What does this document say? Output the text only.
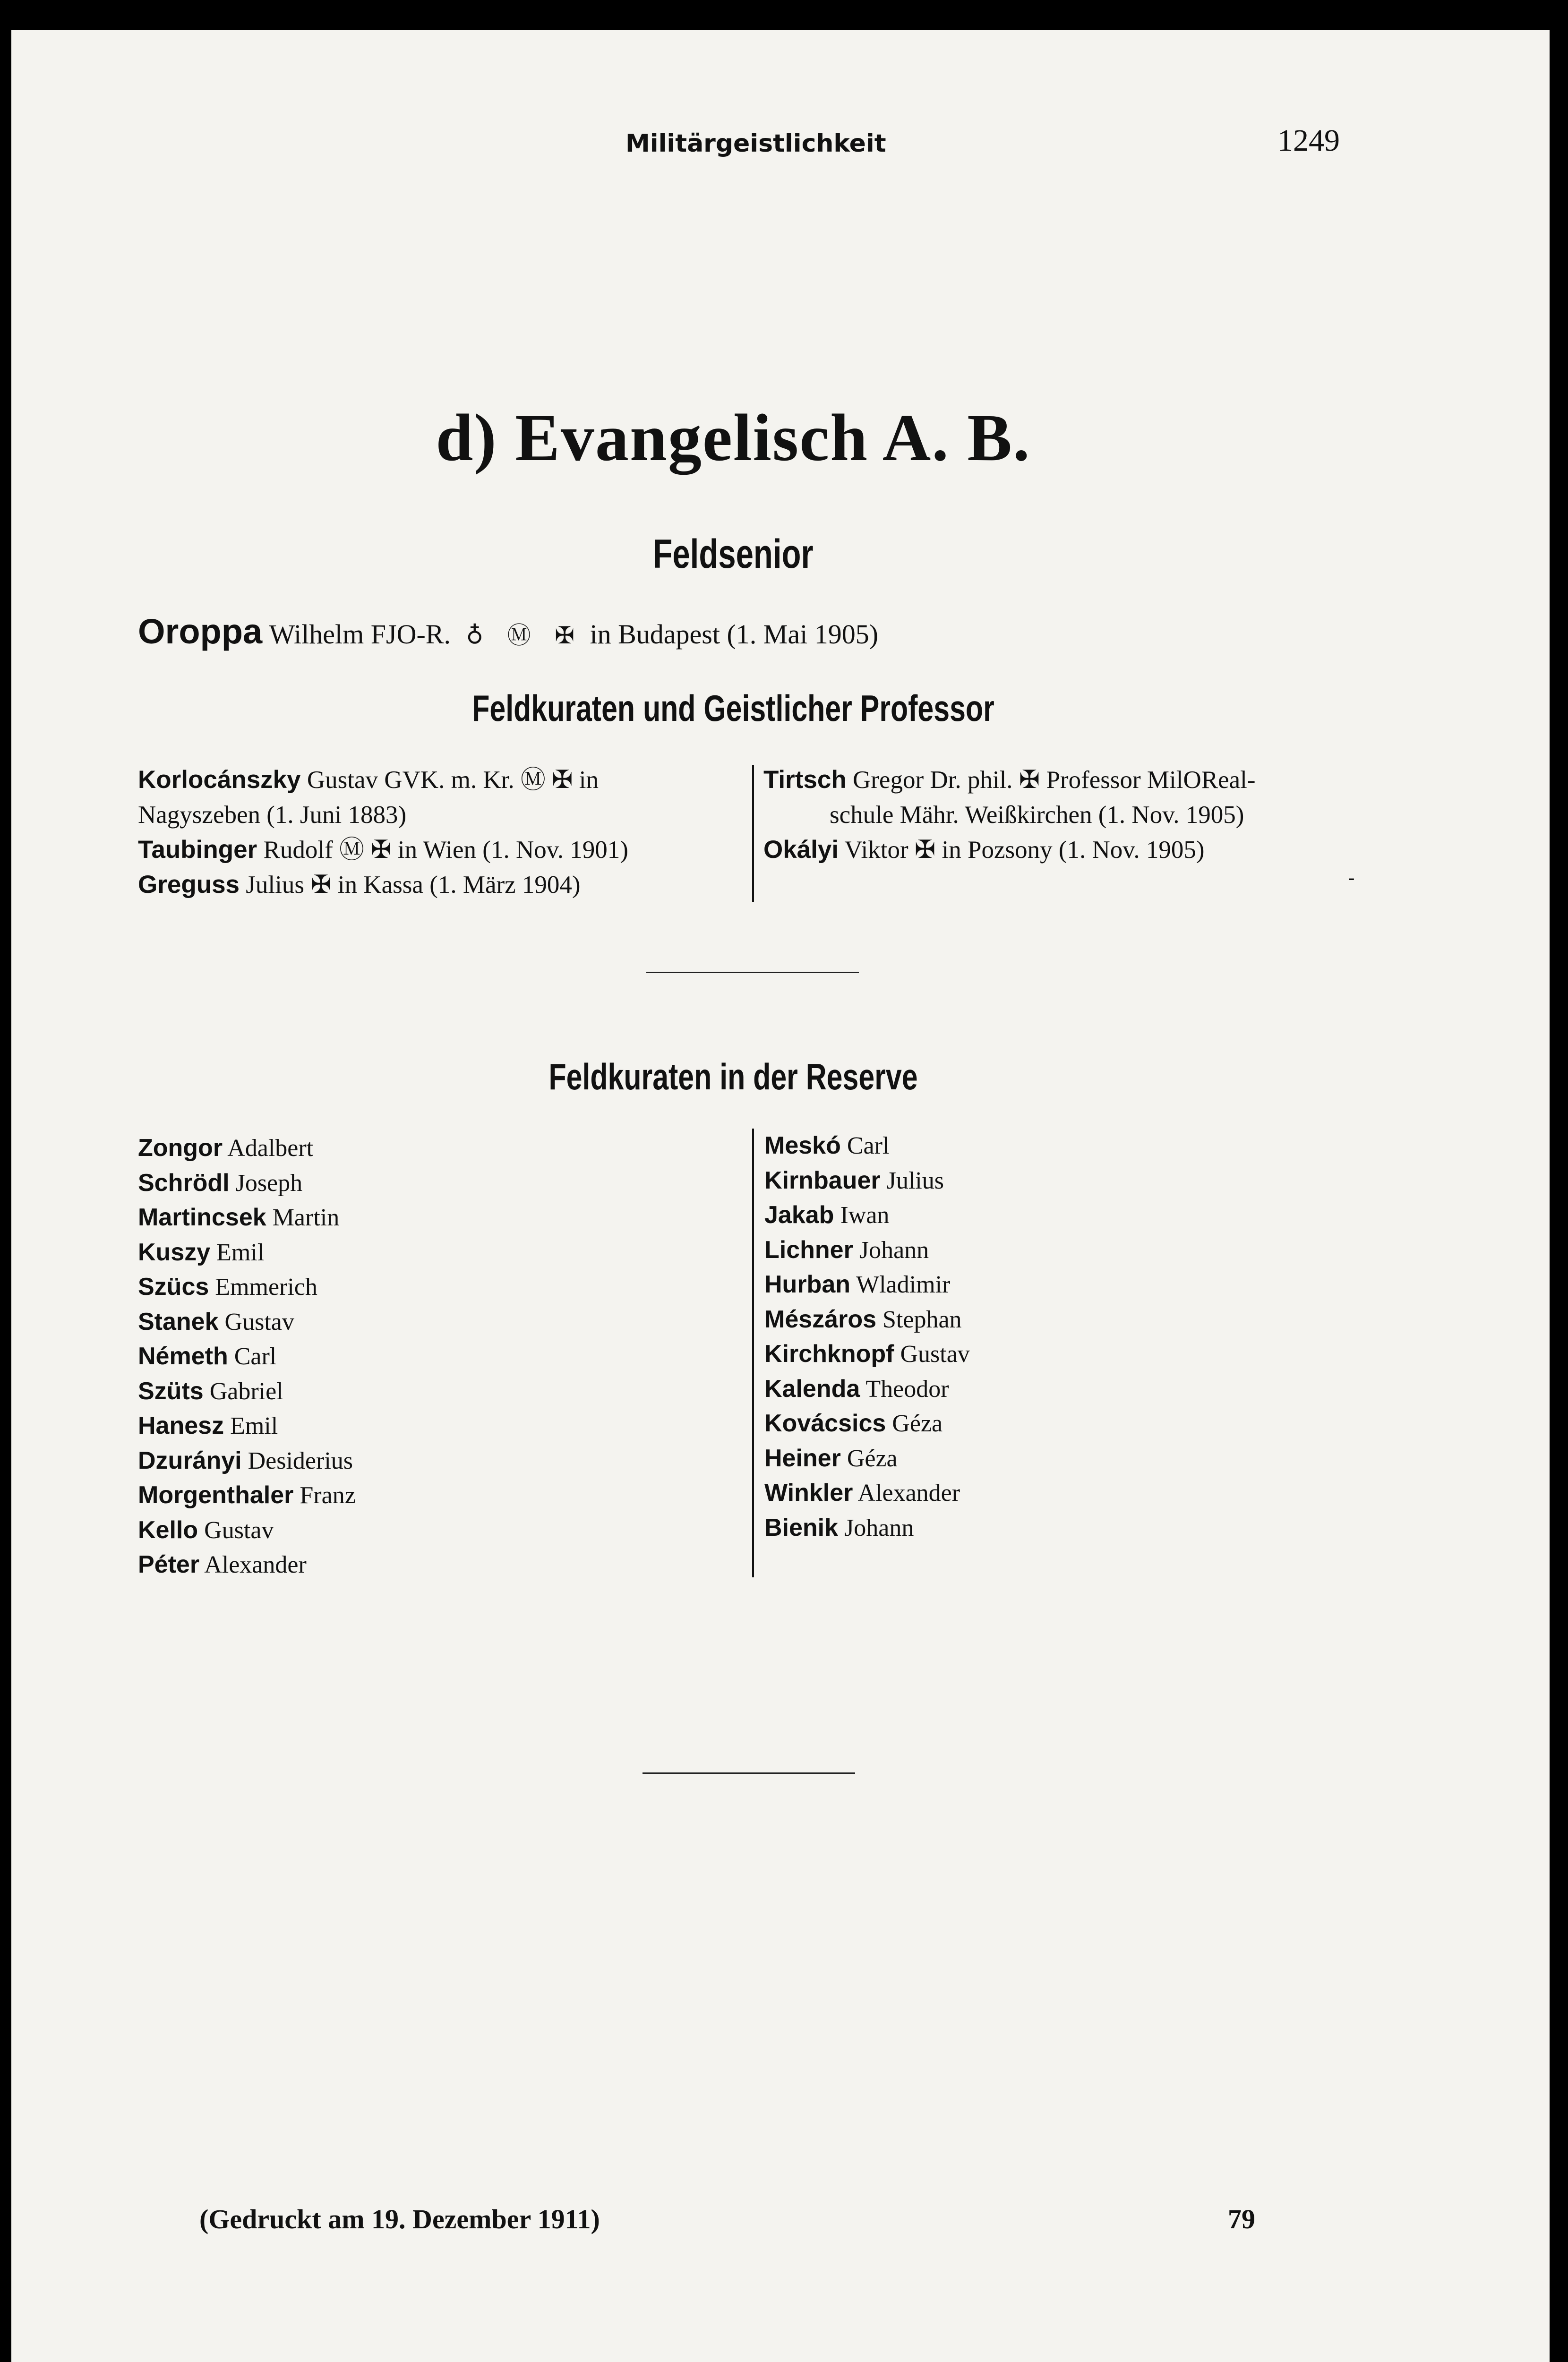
Militärgeistlichkeit	1249
d) Evangelisch A. B.
Feldsenior
Oroppa Wilhelm FJO-R. ♁ Ⓜ ✠ in Budapest (1. Mai 1905)
Feldkuraten und Geistlicher Professor
Korlocánszky Gustav GVK. m. Kr. Ⓜ ✠ in
Nagyszeben (1. Juni 1883)
Taubinger Rudolf Ⓜ ✠ in Wien (1. Nov. 1901)
Greguss Julius ✠ in Kassa (1. März 1904)
Tirtsch Gregor Dr. phil. ✠ Professor MilOReal-
schule Mähr. Weißkirchen (1. Nov. 1905)
Okályi Viktor ✠ in Pozsony (1. Nov. 1905)
-
Feldkuraten in der Reserve
Zongor Adalbert
Schrödl Joseph
Martincsek Martin
Kuszy Emil
Szücs Emmerich
Stanek Gustav
Németh Carl
Szüts Gabriel
Hanesz Emil
Dzurányi Desiderius
Morgenthaler Franz
Kello Gustav
Péter Alexander
Meskó Carl
Kirnbauer Julius
Jakab Iwan
Lichner Johann
Hurban Wladimir
Mészáros Stephan
Kirchknopf Gustav
Kalenda Theodor
Kovácsics Géza
Heiner Géza
Winkler Alexander
Bienik Johann
(Gedruckt am 19. Dezember 1911)	79
